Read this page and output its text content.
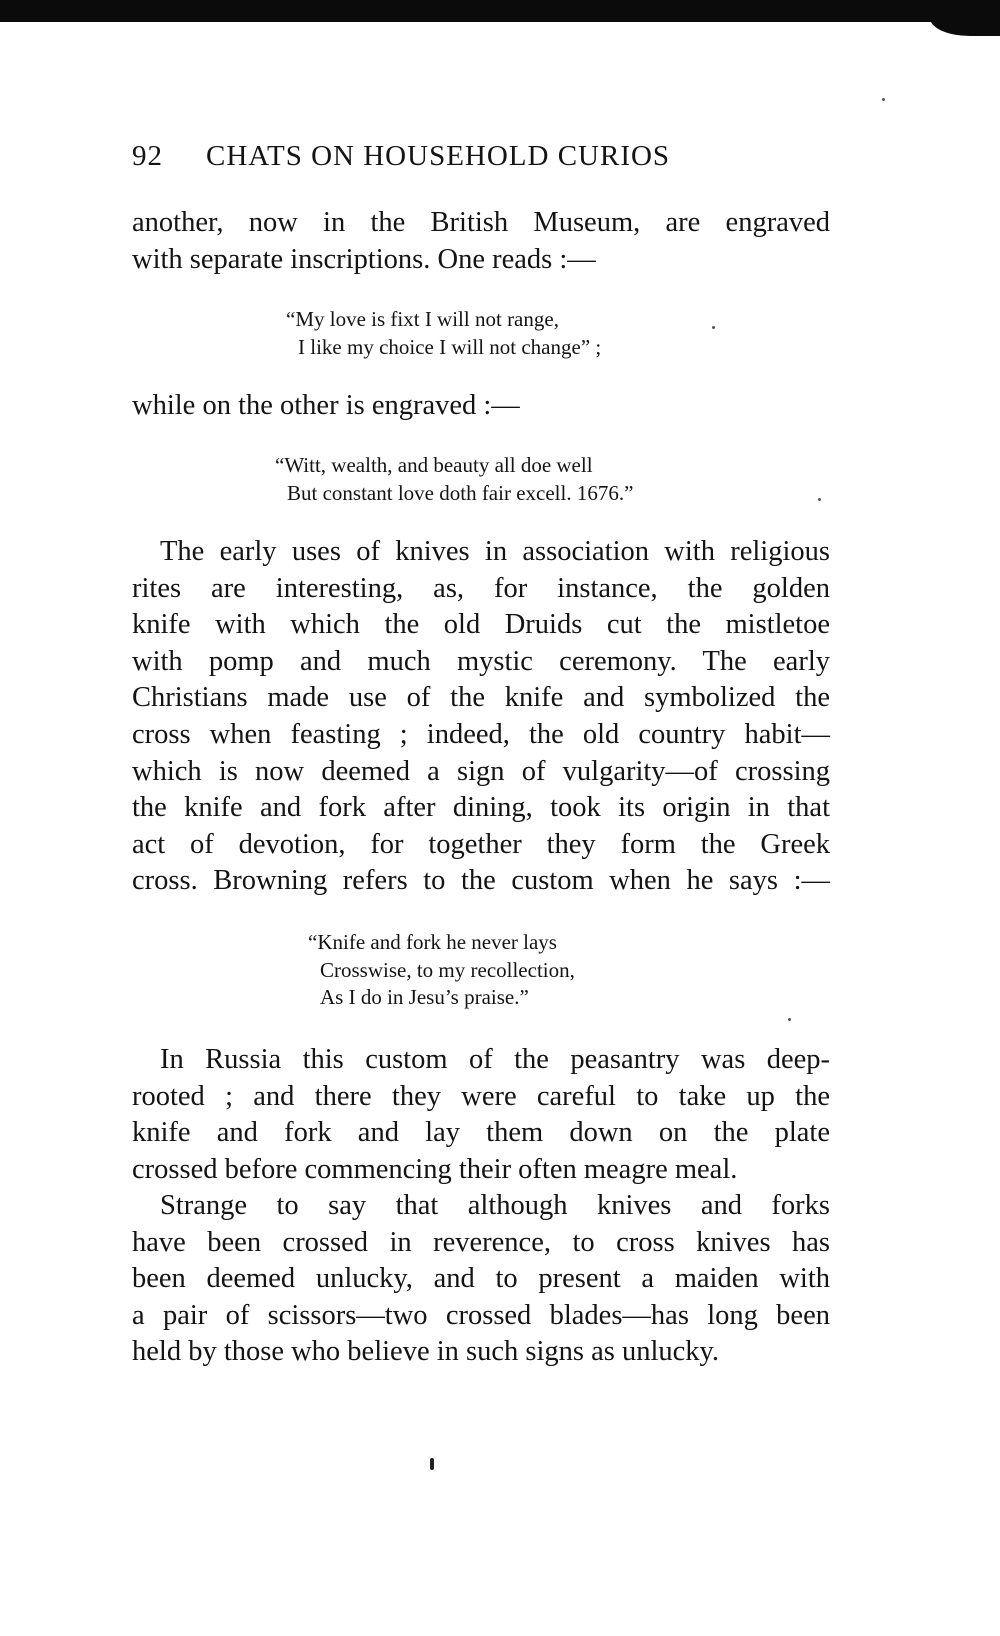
92 CHATS ON HOUSEHOLD CURIOS
another, now in the British Museum, are engraved
with separate inscriptions. One reads :—
“My love is fixt I will not range,
I like my choice I will not change” ;
while on the other is engraved :—
“Witt, wealth, and beauty all doe well
But constant love doth fair excell. 1676.”
The early uses of knives in association with religious
rites are interesting, as, for instance, the golden
knife with which the old Druids cut the mistletoe
with pomp and much mystic ceremony. The early
Christians made use of the knife and symbolized the
cross when feasting ; indeed, the old country habit—
which is now deemed a sign of vulgarity—of crossing
the knife and fork after dining, took its origin in that
act of devotion, for together they form the Greek
cross. Browning refers to the custom when he says :—
“Knife and fork he never lays
Crosswise, to my recollection,
As I do in Jesu’s praise.”
In Russia this custom of the peasantry was deep-
rooted ; and there they were careful to take up the
knife and fork and lay them down on the plate
crossed before commencing their often meagre meal.
Strange to say that although knives and forks
have been crossed in reverence, to cross knives has
been deemed unlucky, and to present a maiden with
a pair of scissors—two crossed blades—has long been
held by those who believe in such signs as unlucky.
